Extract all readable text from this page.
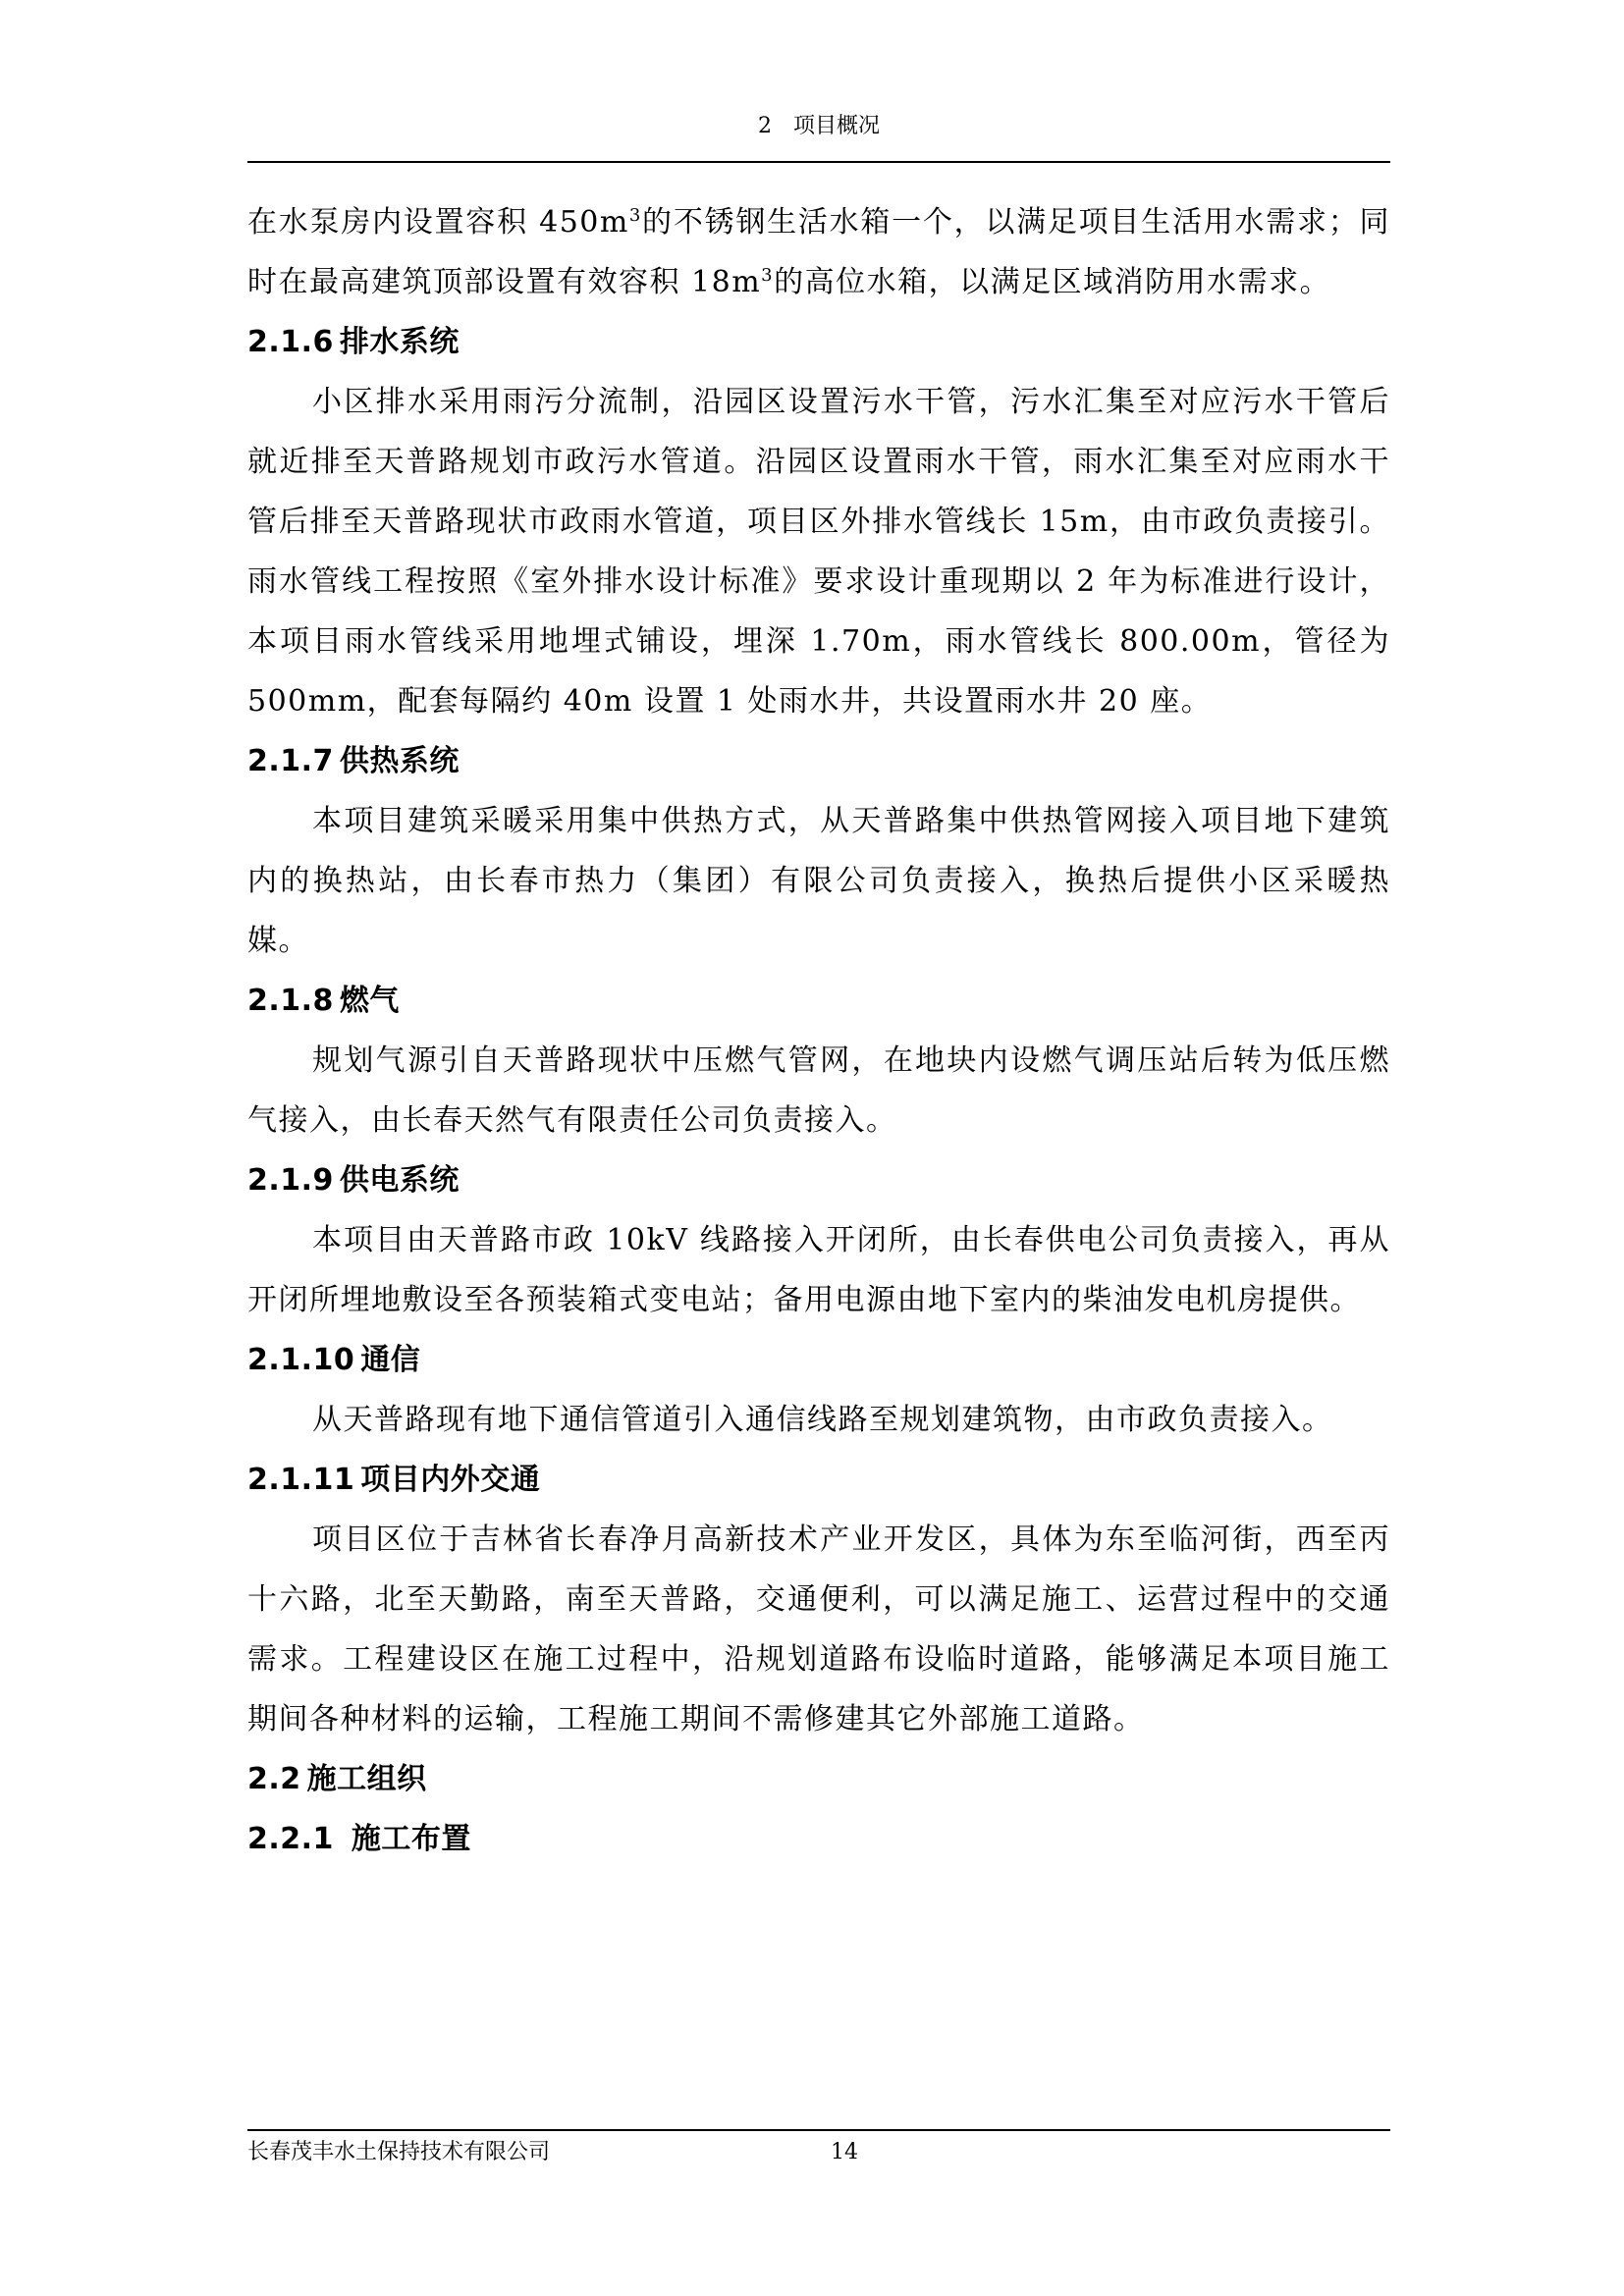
2 项目概况

在水泵房内设置容积 $450m^3$的不锈钢生活水箱一个，以满足项目生活用水需求；同时在最高建筑顶部设置有效容积 $18m^3$的高位水箱，以满足区域消防用水需求。

2.1.6 排水系统

小区排水采用雨污分流制，沿园区设置污水干管，污水汇集至对应污水干管后就近排至天普路规划市政污水管道。沿园区设置雨水干管，雨水汇集至对应雨水干管后排至天普路现状市政雨水管道，项目区外排水管线长 15m，由市政负责接引。雨水管线工程按照《室外排水设计标准》要求设计重现期以 2 年为标准进行设计，本项目雨水管线采用地埋式铺设，埋深 1.70m，雨水管线长 800.00m，管径为 500mm，配套每隔约 40m 设置 1 处雨水井，共设置雨水井 20 座。

2.1.7 供热系统

本项目建筑采暖采用集中供热方式，从天普路集中供热管网接入项目地下建筑内的换热站，由长春市热力（集团）有限公司负责接入，换热后提供小区采暖热媒。

2.1.8 燃气

规划气源引自天普路现状中压燃气管网，在地块内设燃气调压站后转为低压燃气接入，由长春天然气有限责任公司负责接入。

2.1.9 供电系统

本项目由天普路市政 10kV 线路接入开闭所，由长春供电公司负责接入，再从开闭所埋地敷设至各预装箱式变电站；备用电源由地下室内的柴油发电机房提供。

2.1.10 通信

从天普路现有地下通信管道引入通信线路至规划建筑物，由市政负责接入。

2.1.11 项目内外交通

项目区位于吉林省长春净月高新技术产业开发区，具体为东至临河街，西至丙十六路，北至天勤路，南至天普路，交通便利，可以满足施工、运营过程中的交通需求。工程建设区在施工过程中，沿规划道路布设临时道路，能够满足本项目施工期间各种材料的运输，工程施工期间不需修建其它外部施工道路。

2.2 施工组织

2.2.1 施工布置

长春茂丰水土保持技术有限公司	14
